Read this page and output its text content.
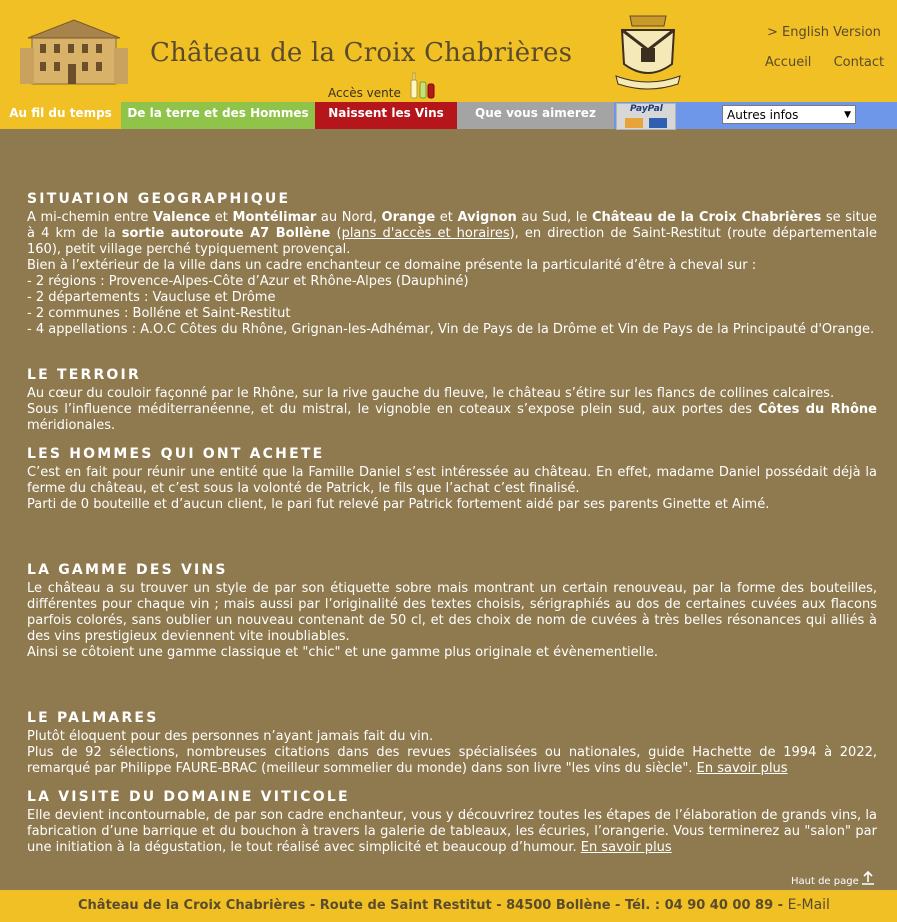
Château de la Croix Chabrières
Accès vente
> English Version
Accueil Contact
Au fil du temps	De la terre et des Hommes	Naissent les Vins	Que vous aimerez	PayPal	Autres infos	▼
SITUATION GEOGRAPHIQUE

A mi-chemin entre Valence et Montélimar au Nord, Orange et Avignon au Sud, le Château de la Croix Chabrières se situe à 4 km de la sortie autoroute A7 Bollène (plans d'accès et horaires), en direction de Saint-Restitut (route départementale 160), petit village perché typiquement provençal.

Bien à l’extérieur de la ville dans un cadre enchanteur ce domaine présente la particularité d’être à cheval sur :

- 2 régions : Provence-Alpes-Côte d’Azur et Rhône-Alpes (Dauphiné)

- 2 départements : Vaucluse et Drôme

- 2 communes : Bolléne et Saint-Restitut

- 4 appellations : A.O.C Côtes du Rhône, Grignan-les-Adhémar, Vin de Pays de la Drôme et Vin de Pays de la Principauté d'Orange.

LE TERROIR

Au cœur du couloir façonné par le Rhône, sur la rive gauche du fleuve, le château s’étire sur les flancs de collines calcaires.

Sous l’influence méditerranéenne, et du mistral, le vignoble en coteaux s’expose plein sud, aux portes des Côtes du Rhône méridionales.

LES HOMMES QUI ONT ACHETE

C’est en fait pour réunir une entité que la Famille Daniel s’est intéressée au château. En effet, madame Daniel possédait déjà la ferme du château, et c’est sous la volonté de Patrick, le fils que l’achat c’est finalisé.

Parti de 0 bouteille et d’aucun client, le pari fut relevé par Patrick fortement aidé par ses parents Ginette et Aimé.

LA GAMME DES VINS

Le château a su trouver un style de par son étiquette sobre mais montrant un certain renouveau, par la forme des bouteilles, différentes pour chaque vin ; mais aussi par l’originalité des textes choisis, sérigraphiés au dos de certaines cuvées aux flacons parfois colorés, sans oublier un nouveau contenant de 50 cl, et des choix de nom de cuvées à très belles résonances qui alliés à des vins prestigieux deviennent vite inoubliables.

Ainsi se côtoient une gamme classique et "chic" et une gamme plus originale et évènementielle.

LE PALMARES

Plutôt éloquent pour des personnes n’ayant jamais fait du vin.

Plus de 92 sélections, nombreuses citations dans des revues spécialisées ou nationales, guide Hachette de 1994 à 2022, remarqué par Philippe FAURE-BRAC (meilleur sommelier du monde) dans son livre "les vins du siècle". En savoir plus

LA VISITE DU DOMAINE VITICOLE

Elle devient incontournable, de par son cadre enchanteur, vous y découvrirez toutes les étapes de l’élaboration de grands vins, la fabrication d’une barrique et du bouchon à travers la galerie de tableaux, les écuries, l’orangerie. Vous terminerez au "salon" par une initiation à la dégustation, le tout réalisé avec simplicité et beaucoup d’humour. En savoir plus

Haut de page
Château de la Croix Chabrières - Route de Saint Restitut - 84500 Bollène - Tél. : 04 90 40 00 89 - E-Mail
